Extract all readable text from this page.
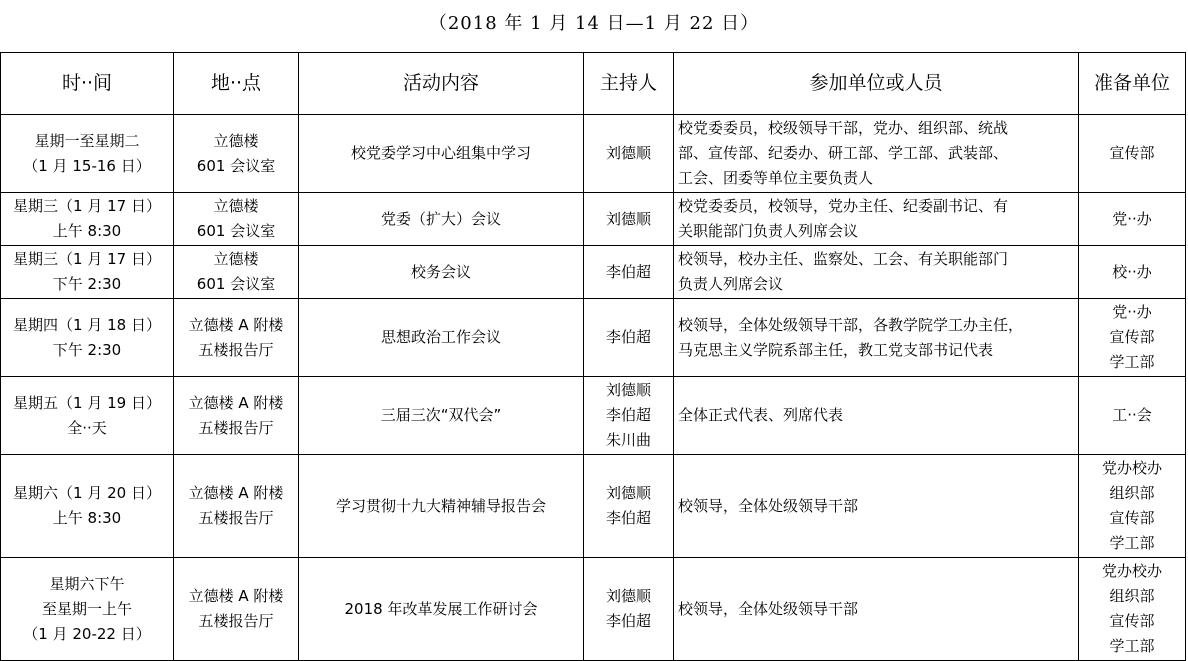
（2018 年 1 月 14 日—1 月 22 日）
时··间	地··点	活动内容	主持人	参加单位或人员	准备单位

星期一至星期二
（1 月 15-16 日）	立德楼
601 会议室	校党委学习中心组集中学习	刘德顺	校党委委员，校级领导干部，党办、组织部、统战
部、宣传部、纪委办、研工部、学工部、武装部、
工会、团委等单位主要负责人	宣传部

星期三（1 月 17 日）
上午 8:30	立德楼
601 会议室	党委（扩大）会议	刘德顺	校党委委员，校领导，党办主任、纪委副书记、有
关职能部门负责人列席会议	党··办

星期三（1 月 17 日）
下午 2:30	立德楼
601 会议室	校务会议	李伯超	校领导，校办主任、监察处、工会、有关职能部门
负责人列席会议	校··办

星期四（1 月 18 日）
下午 2:30	立德楼 A 附楼
五楼报告厅	思想政治工作会议	李伯超	校领导，全体处级领导干部，各教学院学工办主任，
马克思主义学院系部主任，教工党支部书记代表	党··办
宣传部
学工部

星期五（1 月 19 日）
全··天	立德楼 A 附楼
五楼报告厅	三届三次“双代会”	刘德顺
李伯超
朱川曲	全体正式代表、列席代表	工··会

星期六（1 月 20 日）
上午 8:30	立德楼 A 附楼
五楼报告厅	学习贯彻十九大精神辅导报告会	刘德顺
李伯超	校领导，全体处级领导干部	党办校办
组织部
宣传部
学工部

星期六下午
至星期一上午
（1 月 20-22 日）	立德楼 A 附楼
五楼报告厅	2018 年改革发展工作研讨会	刘德顺
李伯超	校领导，全体处级领导干部	党办校办
组织部
宣传部
学工部
